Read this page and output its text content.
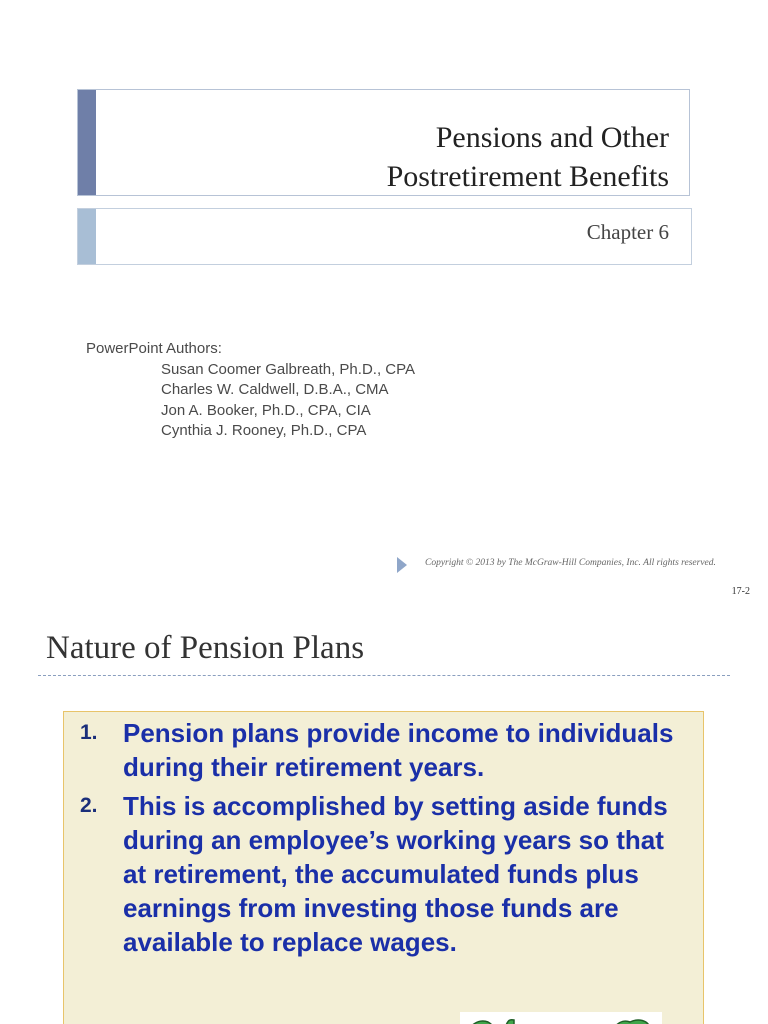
Pensions and Other
Postretirement Benefits
Chapter 6
PowerPoint Authors:
Susan Coomer Galbreath, Ph.D., CPA
Charles W. Caldwell, D.B.A., CMA
Jon A. Booker, Ph.D., CPA, CIA
Cynthia J. Rooney, Ph.D., CPA
Copyright © 2013 by The McGraw-Hill Companies, Inc. All rights reserved.
17-2
Nature of Pension Plans
1. Pension plans provide income to individuals during their retirement years.
2. This is accomplished by setting aside funds during an employee’s working years so that at retirement, the accumulated funds plus earnings from investing those funds are available to replace wages.
